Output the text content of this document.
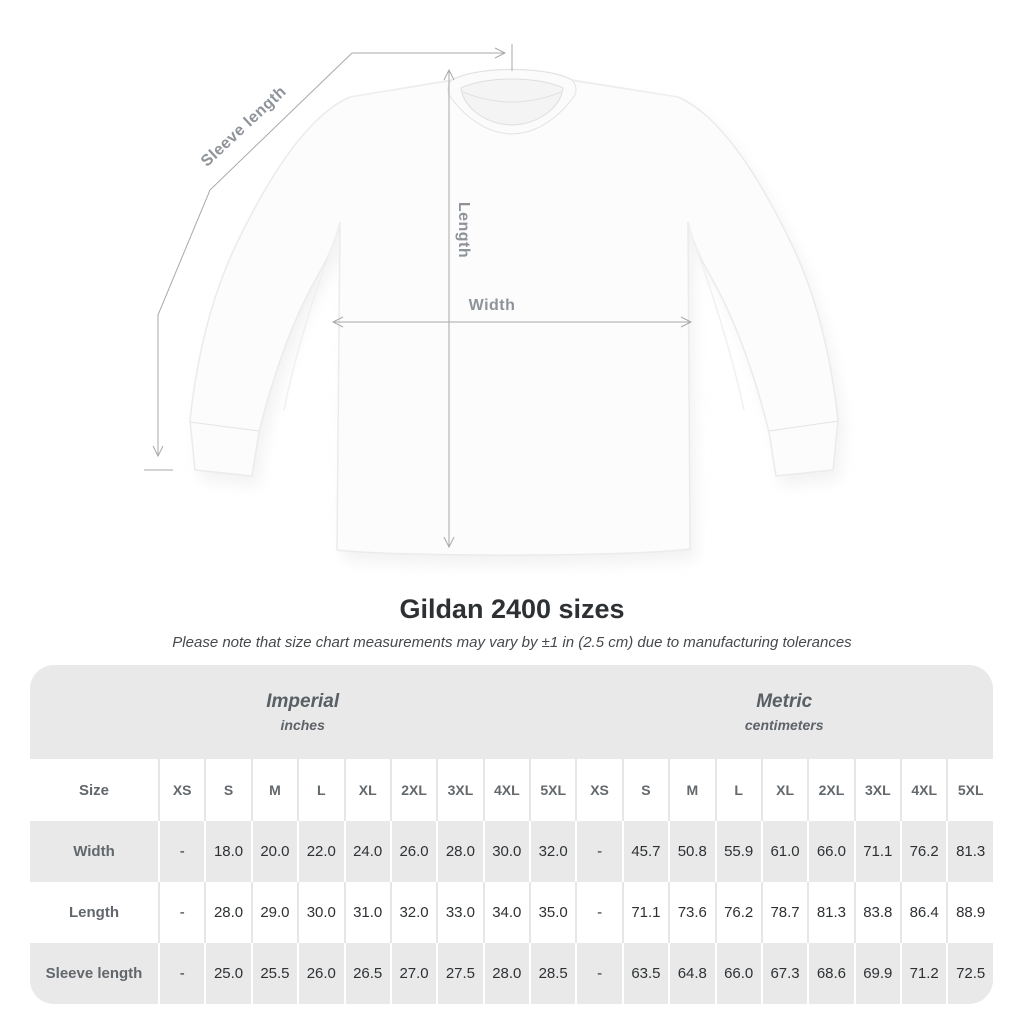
Sleeve length
Length
Width
Gildan 2400 sizes
Please note that size chart measurements may vary by ±1 in (2.5 cm) due to manufacturing tolerances
Imperial
inches

Metric
centimeters

Size	XS	S	M	L	XL	2XL	3XL	4XL	5XL	XS	S	M	L	XL	2XL	3XL	4XL	5XL
Width	-	18.0	20.0	22.0	24.0	26.0	28.0	30.0	32.0	-	45.7	50.8	55.9	61.0	66.0	71.1	76.2	81.3
Length	-	28.0	29.0	30.0	31.0	32.0	33.0	34.0	35.0	-	71.1	73.6	76.2	78.7	81.3	83.8	86.4	88.9
Sleeve length	-	25.0	25.5	26.0	26.5	27.0	27.5	28.0	28.5	-	63.5	64.8	66.0	67.3	68.6	69.9	71.2	72.5
